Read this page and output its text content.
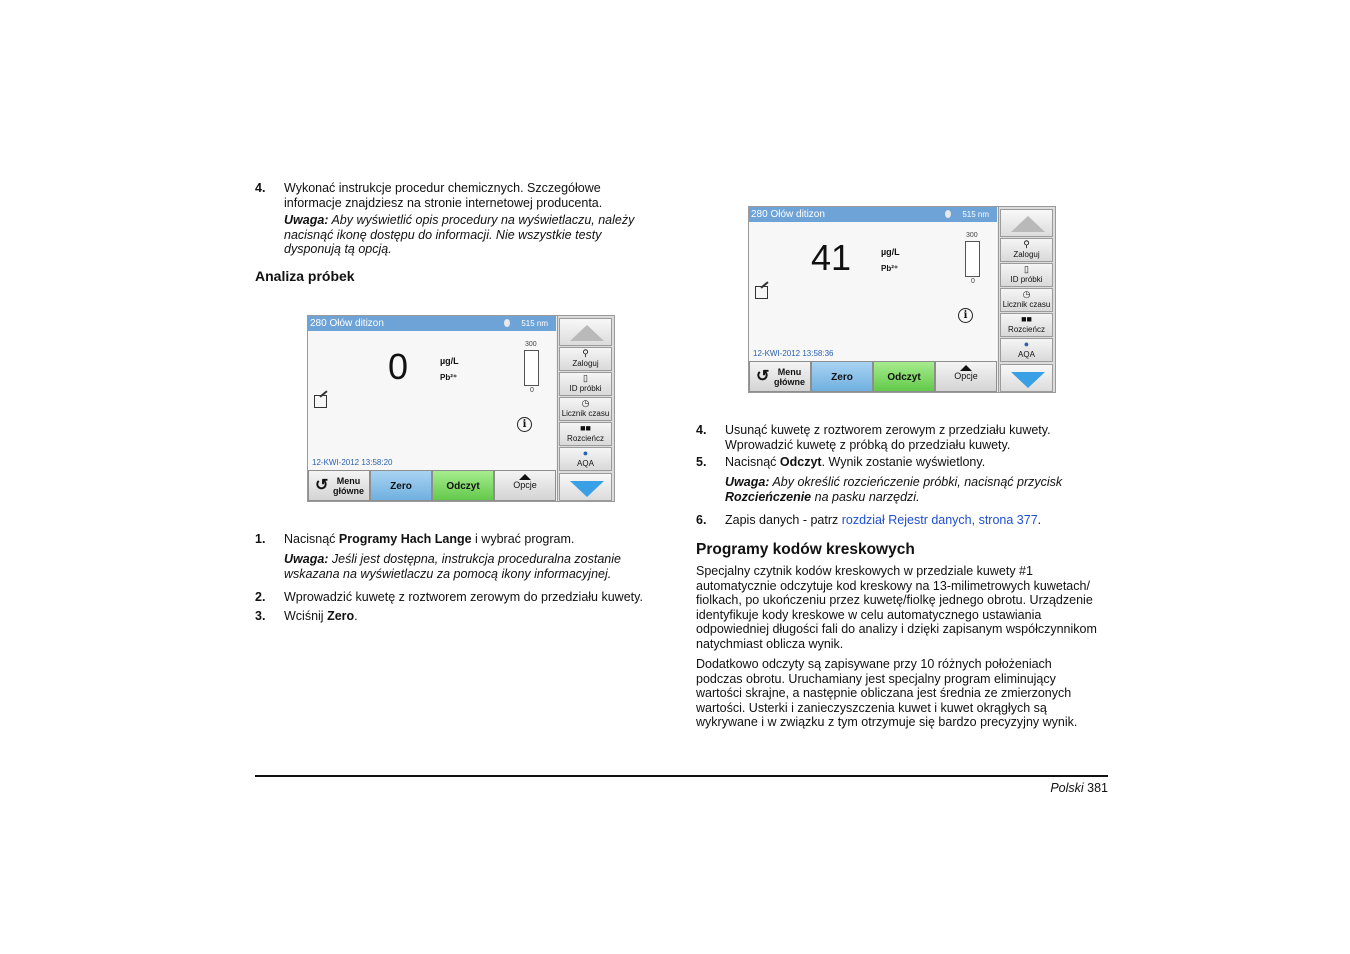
4. Wykonać instrukcje procedur chemicznych. Szczegółowe informacje znajdziesz na stronie internetowej producenta.

Uwaga: Aby wyświetlić opis procedury na wyświetlaczu, należy nacisnąć ikonę dostępu do informacji. Nie wszystkie testy dysponują tą opcją.

Analiza próbek
280 Ołów ditizon	515 nm
0	µg/L
Pb²⁺
300
0
i
12-KWI-2012 13:58:20
↺ Menu
główne	Zero	Odczyt	Opcje
⚲
Zaloguj
▯
ID próbki
◷
Licznik czasu
■■
Rozcieńcz
●
AQA
1. Nacisnąć Programy Hach Lange i wybrać program.

Uwaga: Jeśli jest dostępna, instrukcja proceduralna zostanie wskazana na wyświetlaczu za pomocą ikony informacyjnej.

2. Wprowadzić kuwetę z roztworem zerowym do przedziału kuwety.

3. Wciśnij Zero.

280 Ołów ditizon	515 nm
41	µg/L
Pb²⁺
300
0
i
12-KWI-2012 13:58:36
↺ Menu
główne	Zero	Odczyt	Opcje
⚲
Zaloguj
▯
ID próbki
◷
Licznik czasu
■■
Rozcieńcz
●
AQA
4. Usunąć kuwetę z roztworem zerowym z przedziału kuwety. Wprowadzić kuwetę z próbką do przedziału kuwety.

5. Nacisnąć Odczyt. Wynik zostanie wyświetlony.

Uwaga: Aby określić rozcieńczenie próbki, nacisnąć przycisk Rozcieńczenie na pasku narzędzi.

6. Zapis danych - patrz rozdział Rejestr danych, strona 377.

Programy kodów kreskowych

Specjalny czytnik kodów kreskowych w przedziale kuwety #1 automatycznie odczytuje kod kreskowy na 13-milimetrowych kuwetach/ fiolkach, po ukończeniu przez kuwetę/fiolkę jednego obrotu. Urządzenie identyfikuje kody kreskowe w celu automatycznego ustawiania odpowiedniej długości fali do analizy i dzięki zapisanym współczynnikom natychmiast oblicza wynik.

Dodatkowo odczyty są zapisywane przy 10 różnych położeniach podczas obrotu. Uruchamiany jest specjalny program eliminujący wartości skrajne, a następnie obliczana jest średnia ze zmierzonych wartości. Usterki i zanieczyszczenia kuwet i kuwet okrągłych są wykrywane i w związku z tym otrzymuje się bardzo precyzyjny wynik.

Polski 381
